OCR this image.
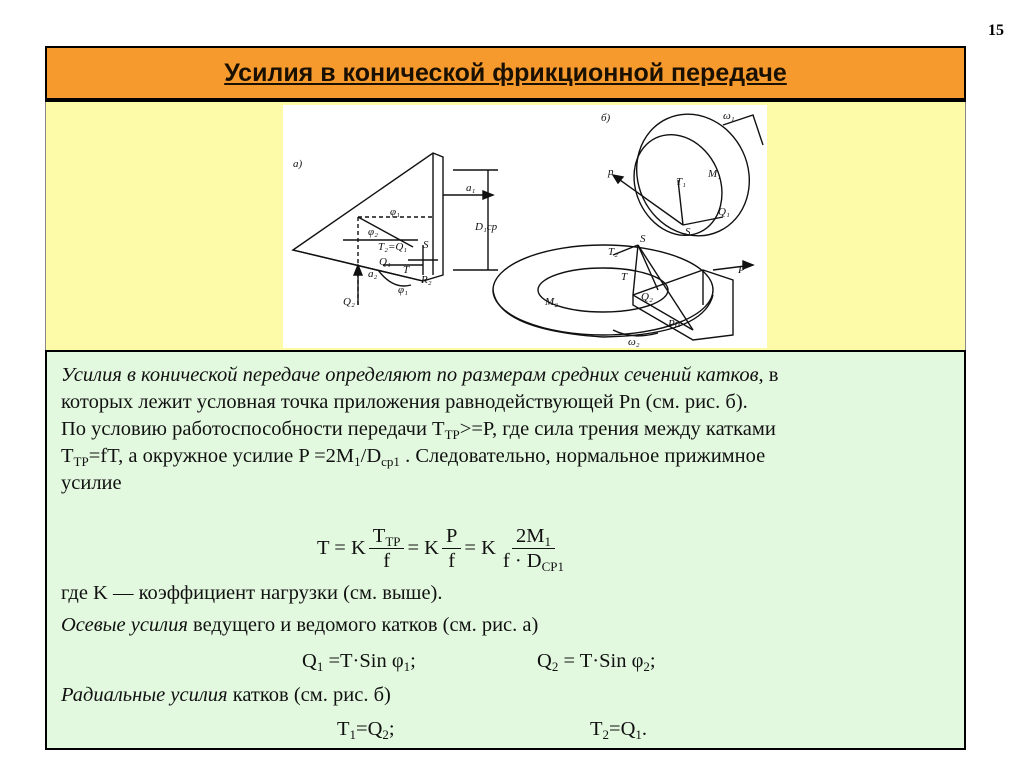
15
Усилия в конической фрикционной передаче
а)
a₁
D₁ср
φ₁
φ₂
T₂=Q₁ S
R₂
T
Q₁
a₂
φ₁
Q₂
б)	ω₁
p
T₁
M₁
Q₁
S
S
T₂
T
Q₂
P
M₂
Pn
ω₂
Усилия в конической передаче определяют по размерам средних сечений катков, в
которых лежит условная точка приложения равнодействующей Pn (см. рис. б).
По условию работоспособности передачи $T_{ТР}>=P$, где сила трения между катками
$T_{ТР}=fT$, а окружное усилие $P =2M_1/D_{ср1}$ . Следовательно, нормальное прижимное
усилие
T = K $\frac{T_{ТР}}{f} = K \frac{P}{f} = K \frac{2M_1}{f \cdot D_{СР1}}$
где K — коэффициент нагрузки (см. выше).
Осевые усилия ведущего и ведомого катков (см. рис. а)
$Q_1 =T\cdot Sin$ $\varphi_1$;	$Q_2 = T\cdot Sin$ $\varphi_2$;
Радиальные усилия катков (см. рис. б)
$T_1=Q_2$;	$T_2=Q_1$.
